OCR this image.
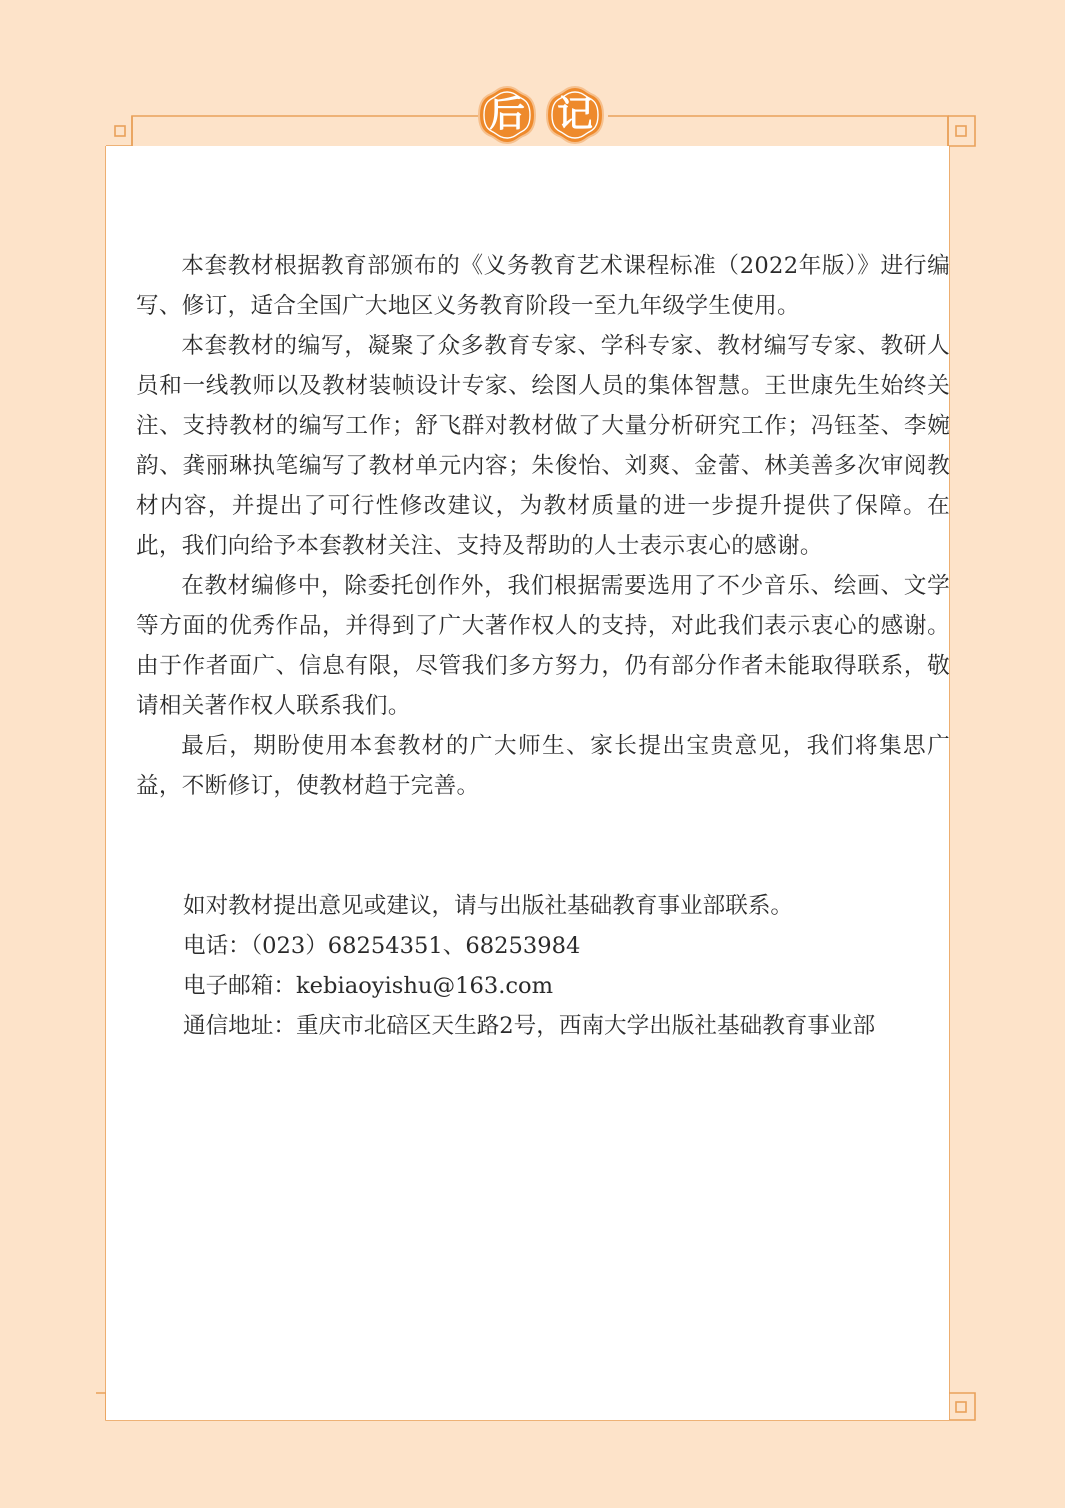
后 记

本套教材根据教育部颁布的《义务教育艺术课程标准（2022年版）》进行编写、修订，适合全国广大地区义务教育阶段一至九年级学生使用。

本套教材的编写，凝聚了众多教育专家、学科专家、教材编写专家、教研人员和一线教师以及教材装帧设计专家、绘图人员的集体智慧。王世康先生始终关注、支持教材的编写工作；舒飞群对教材做了大量分析研究工作；冯钰荃、李婉韵、龚丽琳执笔编写了教材单元内容；朱俊怡、刘爽、金蕾、林美善多次审阅教材内容，并提出了可行性修改建议，为教材质量的进一步提升提供了保障。在此，我们向给予本套教材关注、支持及帮助的人士表示衷心的感谢。

在教材编修中，除委托创作外，我们根据需要选用了不少音乐、绘画、文学等方面的优秀作品，并得到了广大著作权人的支持，对此我们表示衷心的感谢。由于作者面广、信息有限，尽管我们多方努力，仍有部分作者未能取得联系，敬请相关著作权人联系我们。

最后，期盼使用本套教材的广大师生、家长提出宝贵意见，我们将集思广益，不断修订，使教材趋于完善。

如对教材提出意见或建议，请与出版社基础教育事业部联系。
电话：（023）68254351、68253984
电子邮箱：kebiaoyishu@163.com
通信地址：重庆市北碚区天生路2号，西南大学出版社基础教育事业部
